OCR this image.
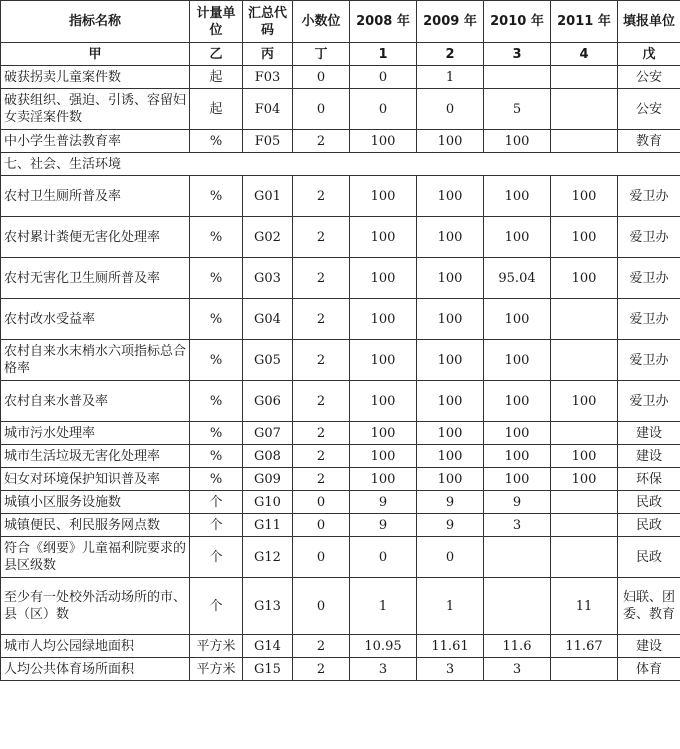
指标名称	计量单位	汇总代码	小数位	2008 年	2009 年	2010 年	2011 年	填报单位
甲	乙	丙	丁	1	2	3	4	戊
破获拐卖儿童案件数	起	F03	0	0	1			公安
破获组织、强迫、引诱、容留妇女卖淫案件数	起	F04	0	0	0	5		公安
中小学生普法教育率	%	F05	2	100	100	100		教育
七、社会、生活环境								
农村卫生厕所普及率	%	G01	2	100	100	100	100	爱卫办
农村累计粪便无害化处理率	%	G02	2	100	100	100	100	爱卫办
农村无害化卫生厕所普及率	%	G03	2	100	100	95.04	100	爱卫办
农村改水受益率	%	G04	2	100	100	100		爱卫办
农村自来水末梢水六项指标总合格率	%	G05	2	100	100	100		爱卫办
农村自来水普及率	%	G06	2	100	100	100	100	爱卫办
城市污水处理率	%	G07	2	100	100	100		建设
城市生活垃圾无害化处理率	%	G08	2	100	100	100	100	建设
妇女对环境保护知识普及率	%	G09	2	100	100	100	100	环保
城镇小区服务设施数	个	G10	0	9	9	9		民政
城镇便民、利民服务网点数	个	G11	0	9	9	3		民政
符合《纲要》儿童福利院要求的县区级数	个	G12	0	0	0			民政
至少有一处校外活动场所的市、县（区）数	个	G13	0	1	1		11	妇联、团委、教育
城市人均公园绿地面积	平方米	G14	2	10.95	11.61	11.6	11.67	建设
人均公共体育场所面积	平方米	G15	2	3	3	3		体育
